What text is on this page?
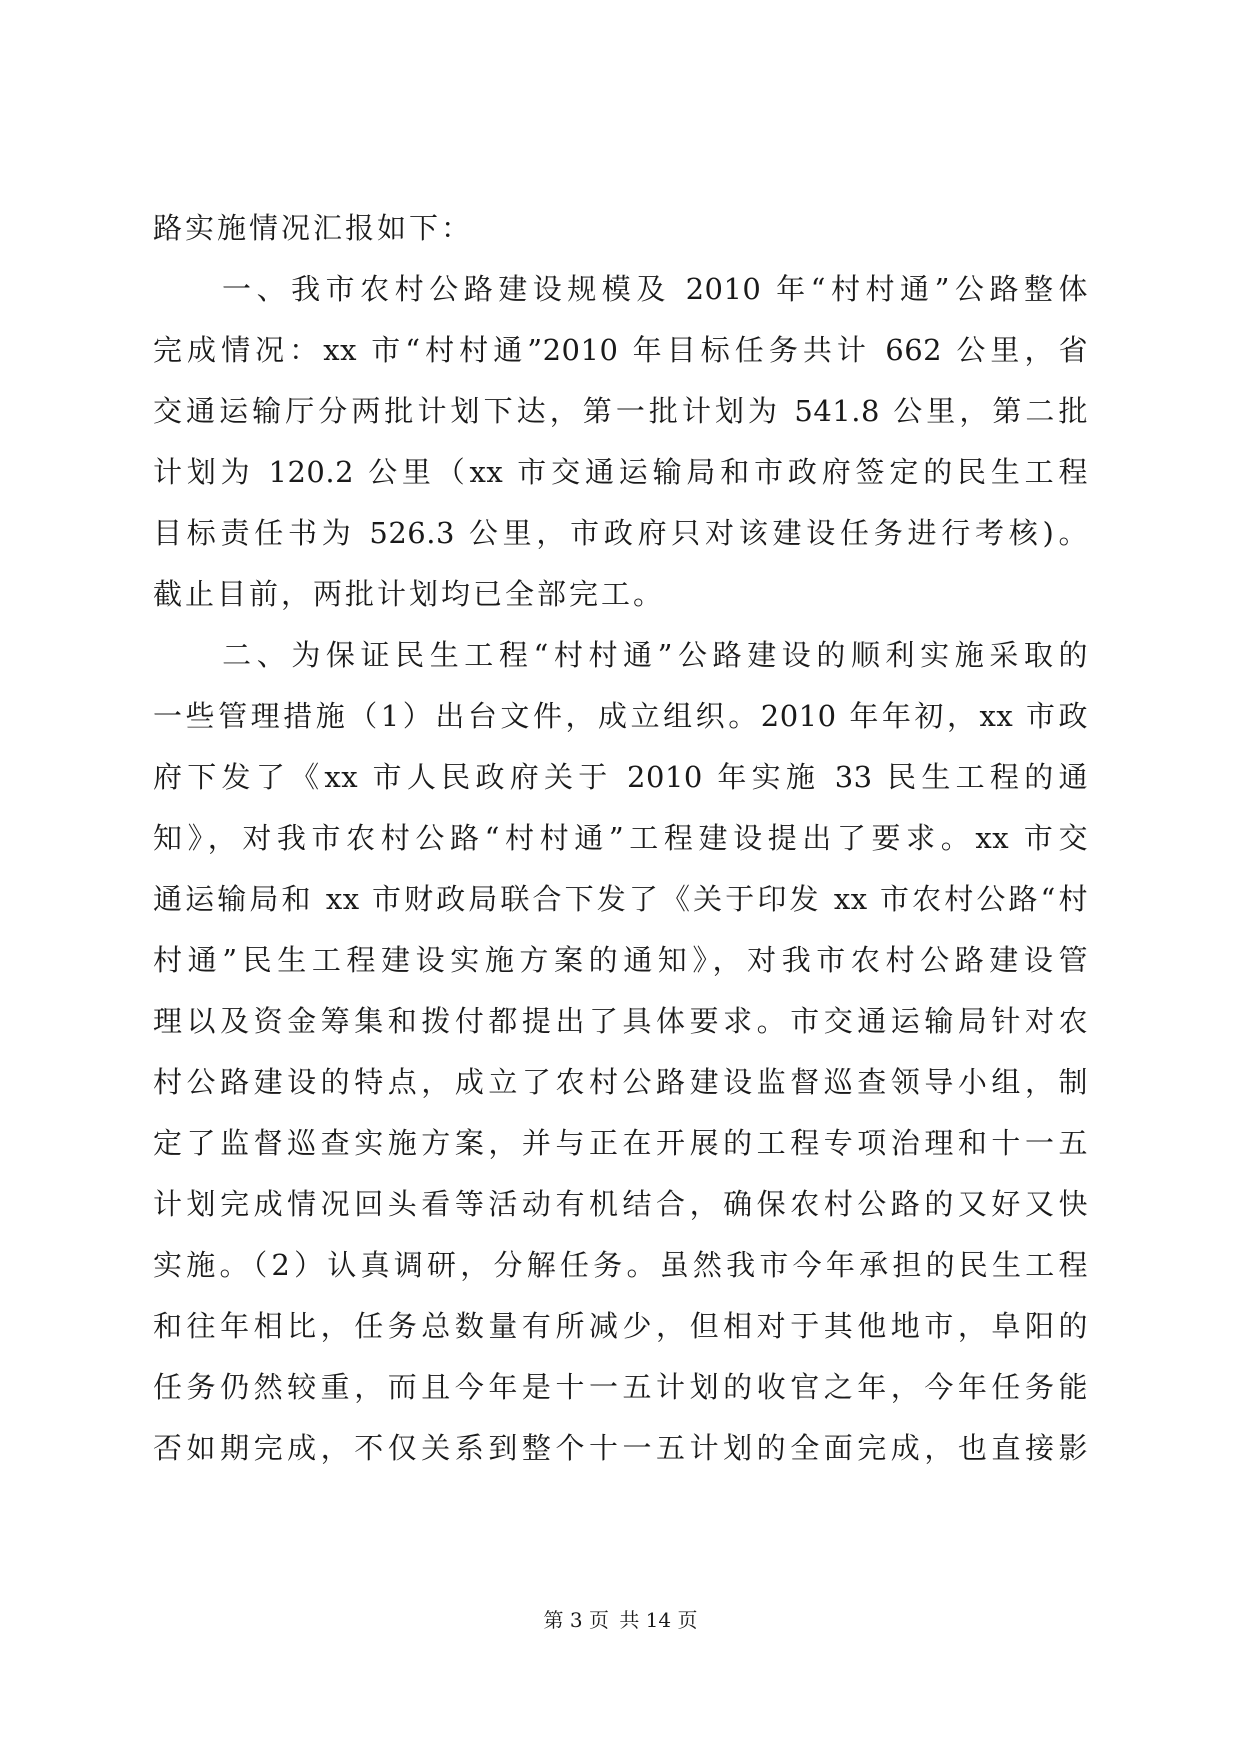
路实施情况汇报如下：
　　一、我市农村公路建设规模及 2010 年“村村通”公路整体
完成情况：xx 市“村村通”2010 年目标任务共计 662 公里，省
交通运输厅分两批计划下达，第一批计划为 541.8 公里，第二批
计划为 120.2 公里（xx 市交通运输局和市政府签定的民生工程
目标责任书为 526.3 公里，市政府只对该建设任务进行考核)。
截止目前，两批计划均已全部完工。
　　二、为保证民生工程“村村通”公路建设的顺利实施采取的
一些管理措施（1）出台文件，成立组织。2010 年年初，xx 市政
府下发了《xx 市人民政府关于 2010 年实施 33 民生工程的通
知》，对我市农村公路“村村通”工程建设提出了要求。xx 市交
通运输局和 xx 市财政局联合下发了《关于印发 xx 市农村公路“村
村通”民生工程建设实施方案的通知》，对我市农村公路建设管
理以及资金筹集和拨付都提出了具体要求。市交通运输局针对农
村公路建设的特点，成立了农村公路建设监督巡查领导小组，制
定了监督巡查实施方案，并与正在开展的工程专项治理和十一五
计划完成情况回头看等活动有机结合，确保农村公路的又好又快
实施。（2）认真调研，分解任务。虽然我市今年承担的民生工程
和往年相比，任务总数量有所减少，但相对于其他地市，阜阳的
任务仍然较重，而且今年是十一五计划的收官之年，今年任务能
否如期完成，不仅关系到整个十一五计划的全面完成，也直接影
第 3 页 共 14 页
